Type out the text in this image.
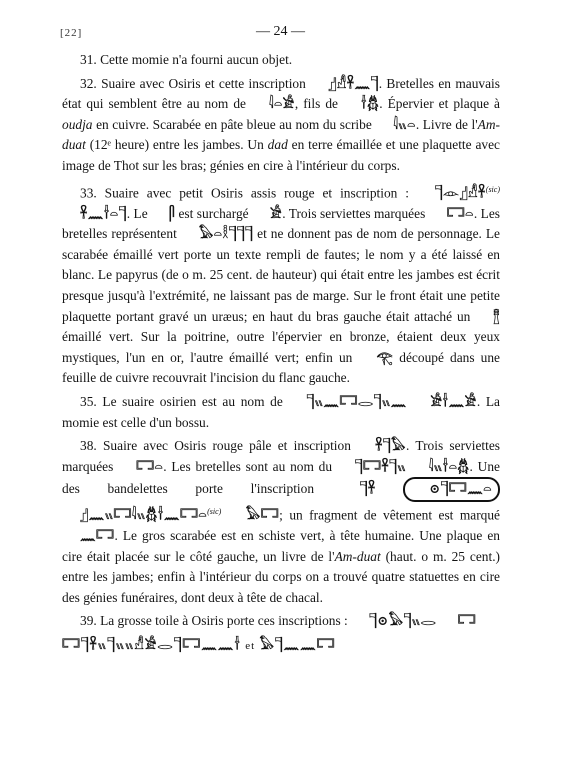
[22]	— 24 —

31. Cette momie n'a fourni aucun objet.

32. Suaire avec Osiris et cette inscription 𓊨𓀭𓋹𓈖𓊹. Bretelles en mauvais état qui semblent être au nom de 𓇋𓏏𓀀, fils de 𓌂𓆣. Épervier et plaque à oudja en cuivre. Scarabée en pâte bleue au nom du scribe 𓇋𓏭𓏏. Livre de l'Am-duat (12ᵉ heure) entre les jambes. Un dad en terre émaillée et une plaquette avec image de Thot sur les bras; génies en cire à l'intérieur du corps.

33. Suaire avec petit Osiris assis rouge et inscription : 𓊹𓁹𓊨𓀭𓋹$^{(sic)}$ 𓋹𓈖𓌂𓏏𓊹. Le 𓋴 est surchargé 𓀀. Trois serviettes marquées 𓉐𓏏. Les bretelles représentent 𓅃𓏏𓎛𓊹𓊹𓊹 et ne donnent pas de nom de personnage. Le scarabée émaillé vert porte un texte rempli de fautes; le nom y a été laissé en blanc. Le papyrus (de o m. 25 cent. de hauteur) qui était entre les jambes est écrit presque jusqu'à l'extrémité, ne laissant pas de marge. Sur le front était une petite plaquette portant gravé un uræus; en haut du bras gauche était attaché un 𓊽 émaillé vert. Sur la poitrine, outre l'épervier en bronze, étaient deux yeux mystiques, l'un en or, l'autre émaillé vert; enfin un 𓂀 découpé dans une feuille de cuivre recouvrait l'incision du flanc gauche.

35. Le suaire osirien est au nom de 𓊹𓏭𓈖𓉐𓂋𓊹𓏭𓈖 𓀀𓌂𓈖𓀀. La momie est celle d'un bossu.

38. Suaire avec Osiris rouge pâle et inscription 𓋹𓊹𓅃. Trois serviettes marquées 𓉐𓏏. Les bretelles sont au nom du 𓊹𓉐𓋹𓊹𓏭 𓇋𓏭𓌂𓏏𓆣. Une des bandelettes porte l'inscription	𓊹𓋹	⊙𓊹𓉐𓈖𓏏 𓊨𓈖𓏭𓉐𓇋𓏭𓆣𓌂𓈖𓉐𓏏$^{(sic)}$ 𓅃𓉐; un fragment de vêtement est marqué 𓈖𓉐. Le gros scarabée est en schiste vert, à tête humaine. Une plaque en cire était placée sur le côté gauche, un livre de l'Am-duat (haut. o m. 25 cent.) entre les jambes; enfin à l'intérieur du corps on a trouvé quatre statuettes en cire des génies funéraires, dont deux à tête de chacal.

39. La grosse toile à Osiris porte ces inscriptions : 𓊹⊙𓅃𓊹𓏭𓂋 𓉐

𓉐𓊹𓋹𓏭𓊹𓏭𓏭𓀭𓀀𓂋𓊹𓉐𓈖𓈖𓌂 et 𓅃𓊹𓈖𓈖𓉐
